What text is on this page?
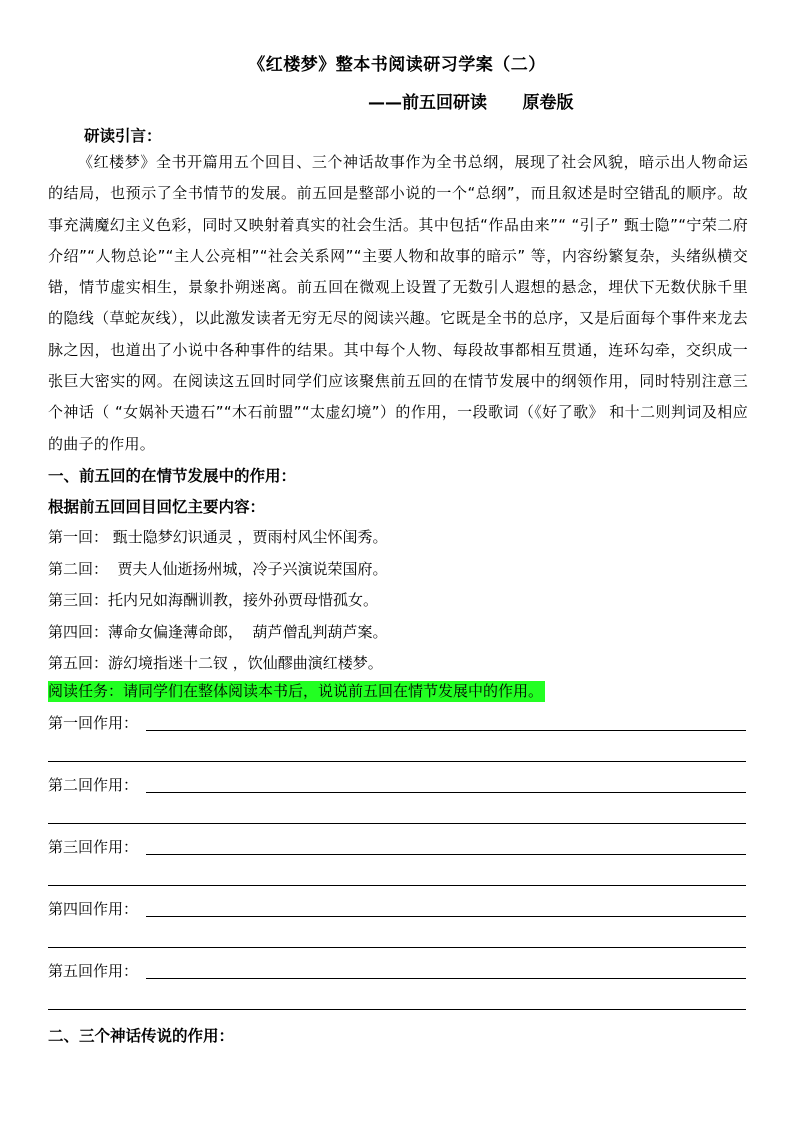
《红楼梦》整本书阅读研习学案（二）
——前五回研读      原卷版
研读引言：
《红楼梦》全书开篇用五个回目、三个神话故事作为全书总纲，展现了社会风貌，暗示出人物命运的结局，也预示了全书情节的发展。前五回是整部小说的一个“总纲”，而且叙述是时空错乱的顺序。故事充满魔幻主义色彩，同时又映射着真实的社会生活。其中包括“作品由来”“ “引子” 甄士隐”“宁荣二府介绍”“人物总论”“主人公亮相”“社会关系网”“主要人物和故事的暗示” 等，内容纷繁复杂，头绪纵横交错，情节虚实相生，景象扑朔迷离。前五回在微观上设置了无数引人遐想的悬念，埋伏下无数伏脉千里的隐线（草蛇灰线），以此激发读者无穷无尽的阅读兴趣。它既是全书的总序，又是后面每个事件来龙去脉之因，也道出了小说中各种事件的结果。其中每个人物、每段故事都相互贯通，连环勾牵，交织成一张巨大密实的网。在阅读这五回时同学们应该聚焦前五回的在情节发展中的纲领作用，同时特别注意三个神话（ “女娲补天遗石”“木石前盟”“太虚幻境”）的作用，一段歌词（《好了歌》 和十二则判词及相应的曲子的作用。
一、前五回的在情节发展中的作用：
根据前五回回目回忆主要内容：
第一回： 甄士隐梦幻识通灵 ，贾雨村风尘怀闺秀。
第二回：  贾夫人仙逝扬州城，冷子兴演说荣国府。
第三回：托内兄如海酬训教，接外孙贾母惜孤女。
第四回：薄命女偏逢薄命郎，  葫芦僧乱判葫芦案。
第五回：游幻境指迷十二钗 ，饮仙醪曲演红楼梦。
阅读任务：请同学们在整体阅读本书后，说说前五回在情节发展中的作用。
第一回作用：
第二回作用：
第三回作用：
第四回作用：
第五回作用：
二、三个神话传说的作用：
